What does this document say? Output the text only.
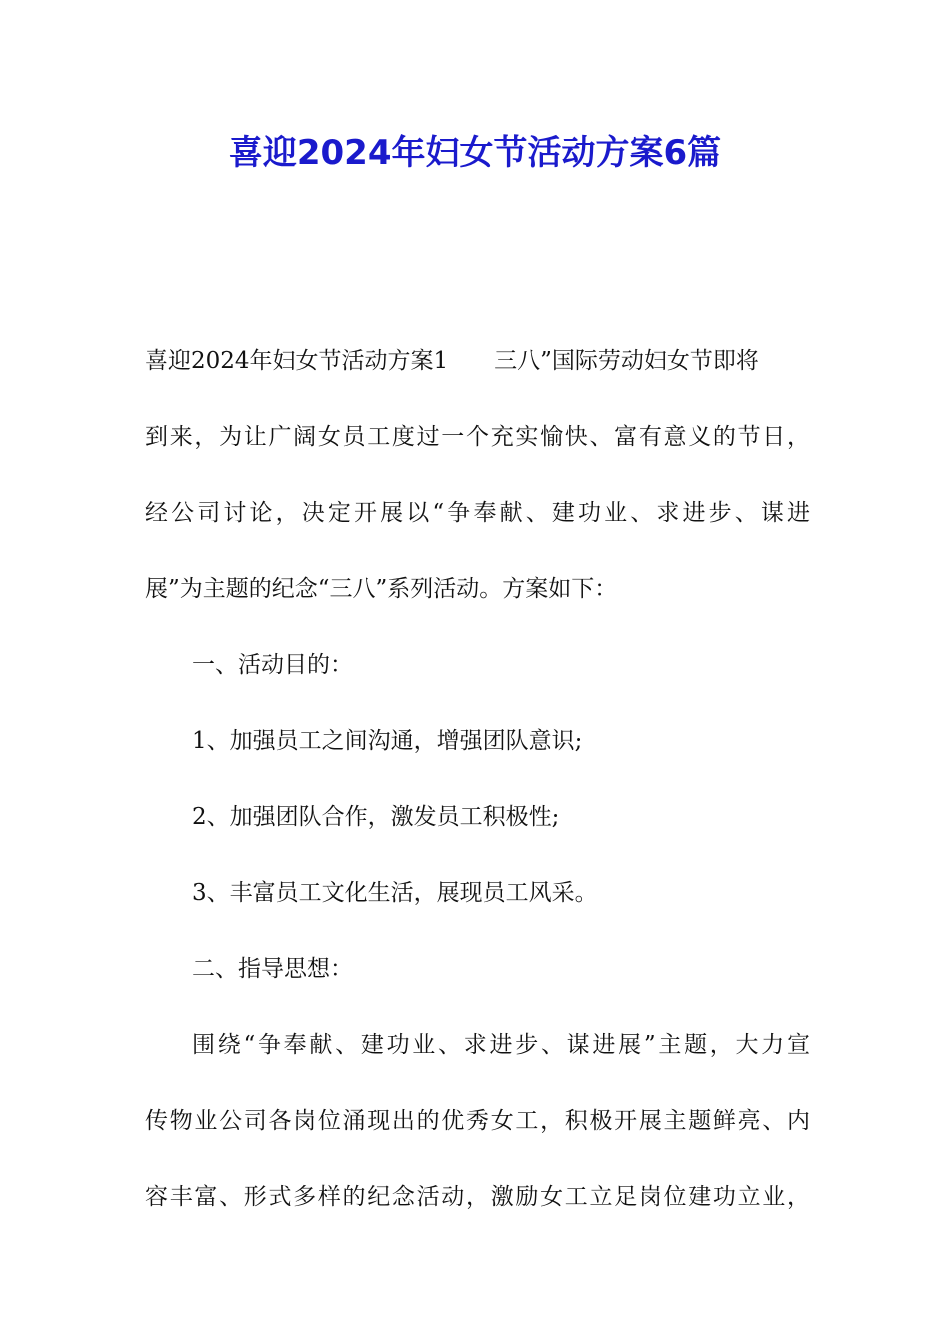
喜迎2024年妇女节活动方案6篇
喜迎2024年妇女节活动方案1 三八”国际劳动妇女节即将
到来，为让广阔女员工度过一个充实愉快、富有意义的节日，
经公司讨论，决定开展以“争奉献、建功业、求进步、谋进
展”为主题的纪念“三八”系列活动。方案如下：
一、活动目的：
1、加强员工之间沟通，增强团队意识;
2、加强团队合作，激发员工积极性;
3、丰富员工文化生活，展现员工风采。
二、指导思想：
围绕“争奉献、建功业、求进步、谋进展”主题，大力宣
传物业公司各岗位涌现出的优秀女工，积极开展主题鲜亮、内
容丰富、形式多样的纪念活动，激励女工立足岗位建功立业，
